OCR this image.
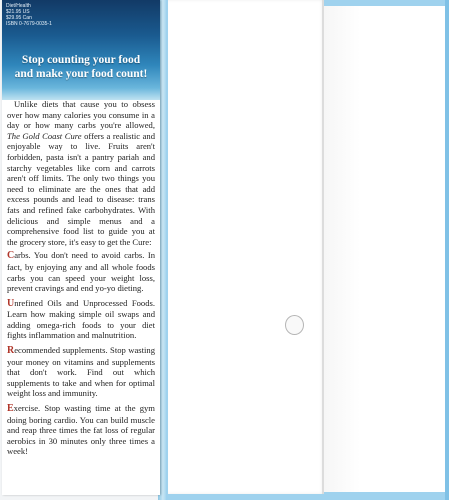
Diet/Health
$21.95 US
$29.95 Can
ISBN 0-7679-0035-1
Stop counting your food
and make your food count!

Unlike diets that cause you to obsess over how many calories you consume in a day or how many carbs you're allowed, The Gold Coast Cure offers a realistic and enjoyable way to live. Fruits aren't forbidden, pasta isn't a pantry pariah and starchy vegetables like corn and carrots aren't off limits. The only two things you need to eliminate are the ones that add excess pounds and lead to disease: trans fats and refined fake carbohydrates. With delicious and simple menus and a comprehensive food list to guide you at the grocery store, it's easy to get the Cure:

Carbs. You don't need to avoid carbs. In fact, by enjoying any and all whole foods carbs you can speed your weight loss, prevent cravings and end yo-yo dieting.
Unrefined Oils and Unprocessed Foods. Learn how making simple oil swaps and adding omega-rich foods to your diet fights inflammation and malnutrition.
Recommended supplements. Stop wasting your money on vitamins and supplements that don't work. Find out which supplements to take and when for optimal weight loss and immunity.
Exercise. Stop wasting time at the gym doing boring cardio. You can build muscle and reap three times the fat loss of regular aerobics in 30 minutes only three times a week!
